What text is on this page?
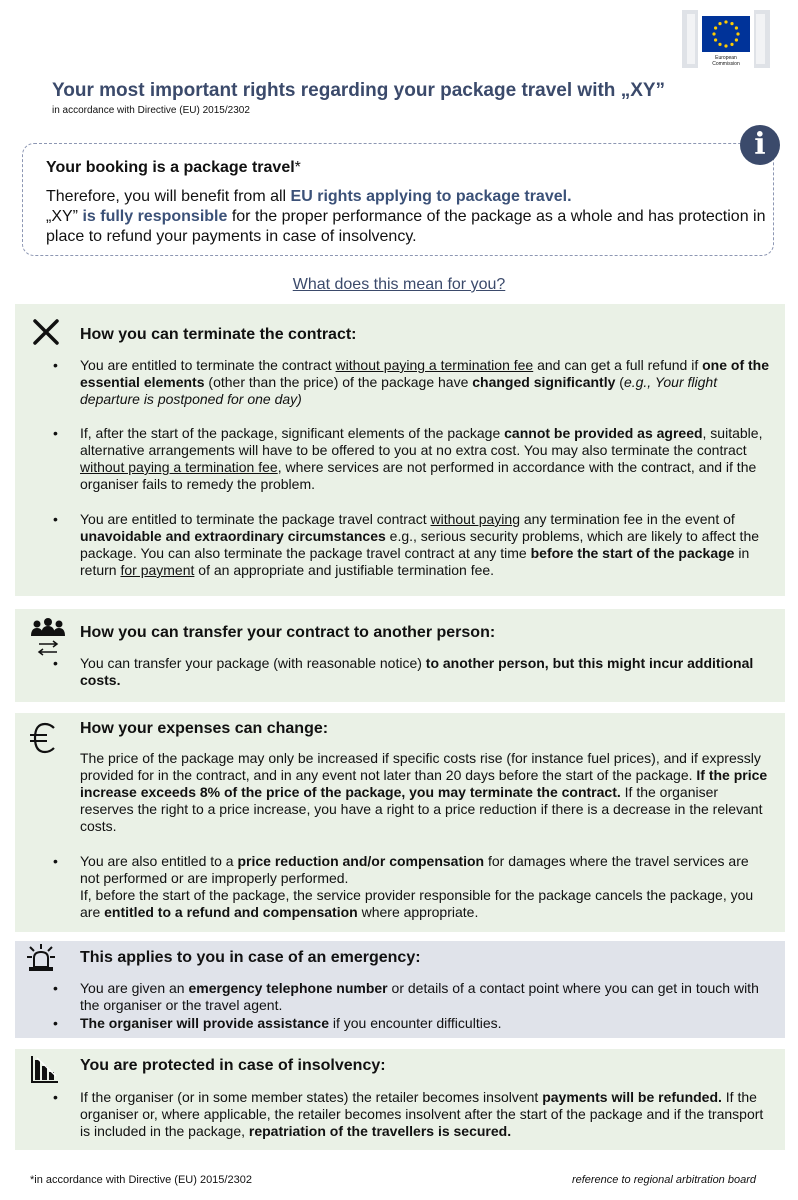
European
Commission
Your most important rights regarding your package travel with „XY”
in accordance with Directive (EU) 2015/2302
i
Your booking is a package travel*
Therefore, you will benefit from all EU rights applying to package travel.
„XY” is fully responsible for the proper performance of the package as a whole and has protection in place to refund your payments in case of insolvency.
What does this mean for you?
How you can terminate the contract:
• You are entitled to terminate the contract without paying a termination fee and can get a full refund if one of the essential elements (other than the price) of the package have changed significantly (e.g., Your flight departure is postponed for one day)
• If, after the start of the package, significant elements of the package cannot be provided as agreed, suitable, alternative arrangements will have to be offered to you at no extra cost. You may also terminate the contract without paying a termination fee, where services are not performed in accordance with the contract, and if the organiser fails to remedy the problem.
• You are entitled to terminate the package travel contract without paying any termination fee in the event of unavoidable and extraordinary circumstances e.g., serious security problems, which are likely to affect the package. You can also terminate the package travel contract at any time before the start of the package in return for payment of an appropriate and justifiable termination fee.
How you can transfer your contract to another person:
• You can transfer your package (with reasonable notice) to another person, but this might incur additional costs.
How your expenses can change:
The price of the package may only be increased if specific costs rise (for instance fuel prices), and if expressly provided for in the contract, and in any event not later than 20 days before the start of the package. If the price increase exceeds 8% of the price of the package, you may terminate the contract. If the organiser reserves the right to a price increase, you have a right to a price reduction if there is a decrease in the relevant costs.
• You are also entitled to a price reduction and/or compensation for damages where the travel services are not performed or are improperly performed.
If, before the start of the package, the service provider responsible for the package cancels the package, you are entitled to a refund and compensation where appropriate.
This applies to you in case of an emergency:
• You are given an emergency telephone number or details of a contact point where you can get in touch with the organiser or the travel agent.
• The organiser will provide assistance if you encounter difficulties.
You are protected in case of insolvency:
• If the organiser (or in some member states) the retailer becomes insolvent payments will be refunded. If the organiser or, where applicable, the retailer becomes insolvent after the start of the package and if the transport is included in the package, repatriation of the travellers is secured.
*in accordance with Directive (EU) 2015/2302	reference to regional arbitration board
